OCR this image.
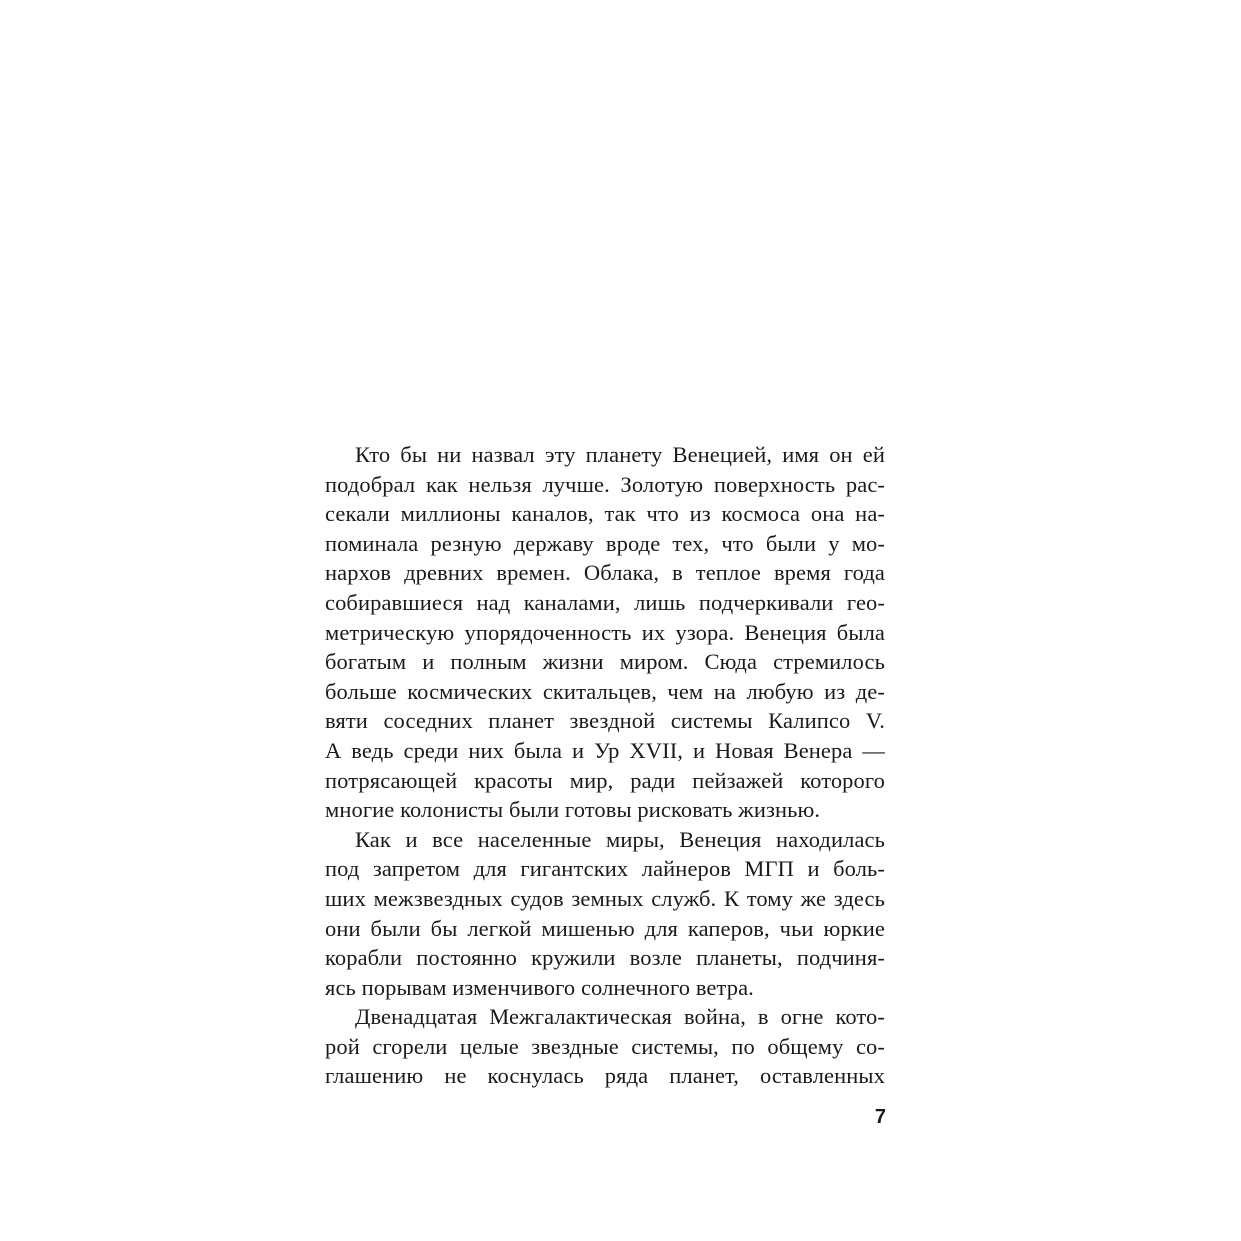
Кто бы ни назвал эту планету Венецией, имя он ей
подобрал как нельзя лучше. Золотую поверхность рас-
секали миллионы каналов, так что из космоса она на-
поминала резную державу вроде тех, что были у мо-
нархов древних времен. Облака, в теплое время года
собиравшиеся над каналами, лишь подчеркивали гео-
метрическую упорядоченность их узора. Венеция была
богатым и полным жизни миром. Сюда стремилось
больше космических скитальцев, чем на любую из де-
вяти соседних планет звездной системы Калипсо V.
А ведь среди них была и Ур XVII, и Новая Венера —
потрясающей красоты мир, ради пейзажей которого
многие колонисты были готовы рисковать жизнью.
Как и все населенные миры, Венеция находилась
под запретом для гигантских лайнеров МГП и боль-
ших межзвездных судов земных служб. К тому же здесь
они были бы легкой мишенью для каперов, чьи юркие
корабли постоянно кружили возле планеты, подчиня-
ясь порывам изменчивого солнечного ветра.
Двенадцатая Межгалактическая война, в огне кото-
рой сгорели целые звездные системы, по общему со-
глашению не коснулась ряда планет, оставленных
7
